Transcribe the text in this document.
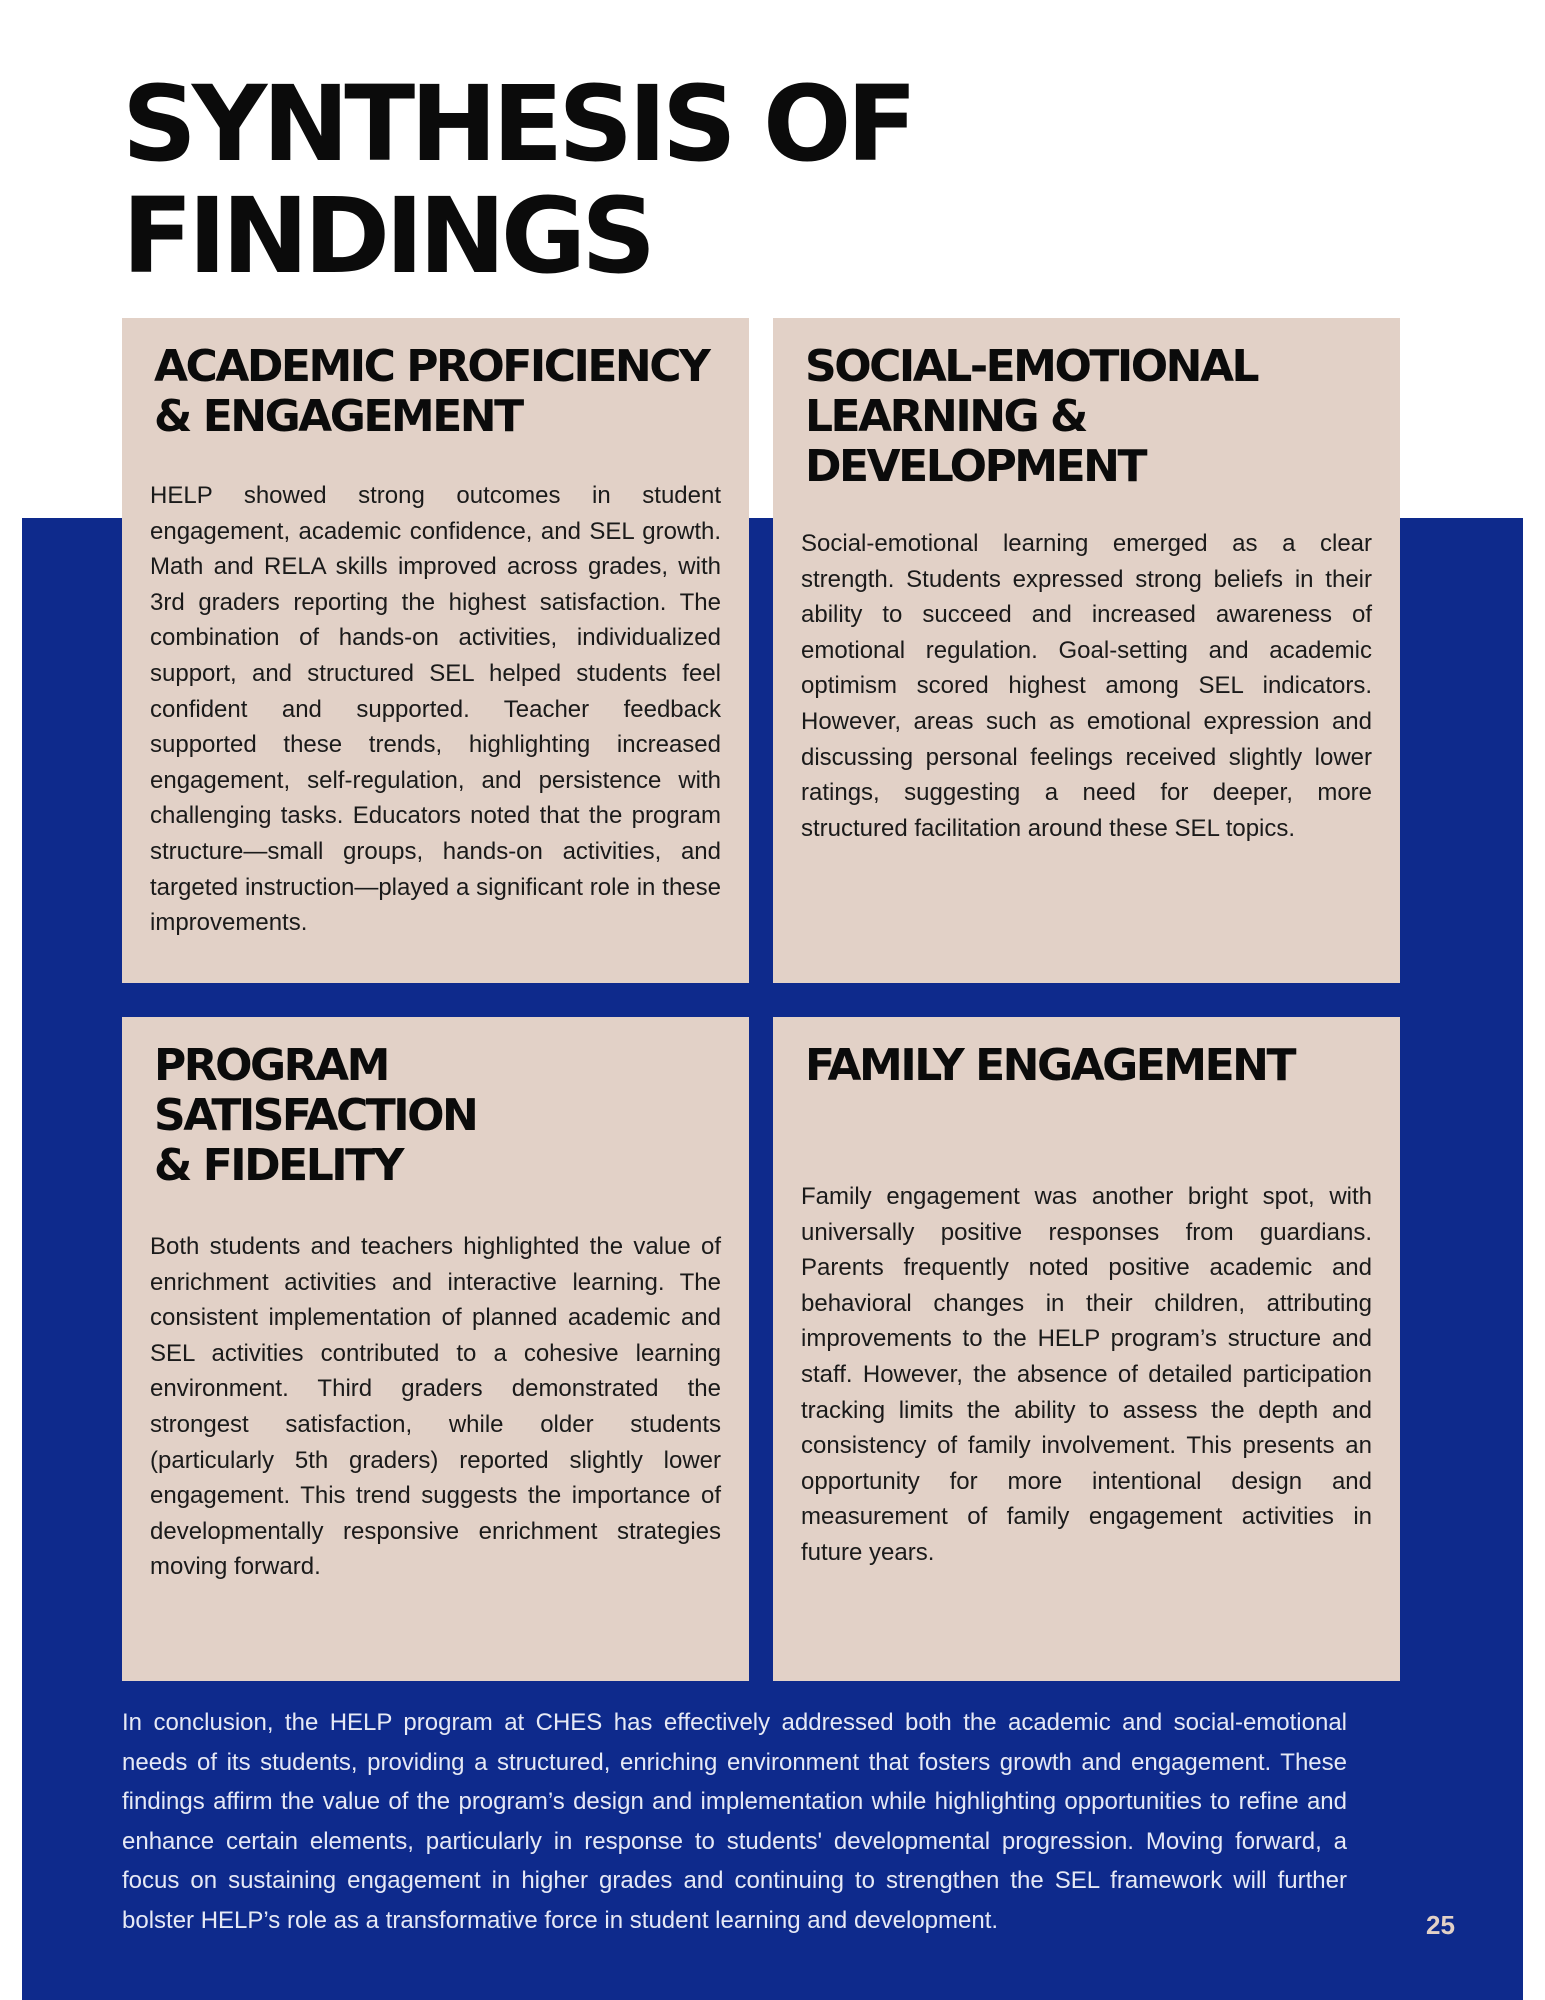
SYNTHESIS OF
FINDINGS
ACADEMIC PROFICIENCY
& ENGAGEMENT

HELP showed strong outcomes in student engagement, academic confidence, and SEL growth. Math and RELA skills improved across grades, with 3rd graders reporting the highest satisfaction. The combination of hands-on activities, individualized support, and structured SEL helped students feel confident and supported. Teacher feedback supported these trends, highlighting increased engagement, self-regulation, and persistence with challenging tasks. Educators noted that the program structure—small groups, hands-on activities, and targeted instruction—played a significant role in these improvements.

SOCIAL-EMOTIONAL
LEARNING &
DEVELOPMENT

Social-emotional learning emerged as a clear strength. Students expressed strong beliefs in their ability to succeed and increased awareness of emotional regulation. Goal-setting and academic optimism scored highest among SEL indicators. However, areas such as emotional expression and discussing personal feelings received slightly lower ratings, suggesting a need for deeper, more structured facilitation around these SEL topics.

PROGRAM SATISFACTION
& FIDELITY

Both students and teachers highlighted the value of enrichment activities and interactive learning. The consistent implementation of planned academic and SEL activities contributed to a cohesive learning environment. Third graders demonstrated the strongest satisfaction, while older students (particularly 5th graders) reported slightly lower engagement. This trend suggests the importance of developmentally responsive enrichment strategies moving forward.

FAMILY ENGAGEMENT

Family engagement was another bright spot, with universally positive responses from guardians. Parents frequently noted positive academic and behavioral changes in their children, attributing improvements to the HELP program’s structure and staff. However, the absence of detailed participation tracking limits the ability to assess the depth and consistency of family involvement. This presents an opportunity for more intentional design and measurement of family engagement activities in future years.

In conclusion, the HELP program at CHES has effectively addressed both the academic and social-emotional needs of its students, providing a structured, enriching environment that fosters growth and engagement. These findings affirm the value of the program’s design and implementation while highlighting opportunities to refine and enhance certain elements, particularly in response to students' developmental progression. Moving forward, a focus on sustaining engagement in higher grades and continuing to strengthen the SEL framework will further bolster HELP’s role as a transformative force in student learning and development.	25
